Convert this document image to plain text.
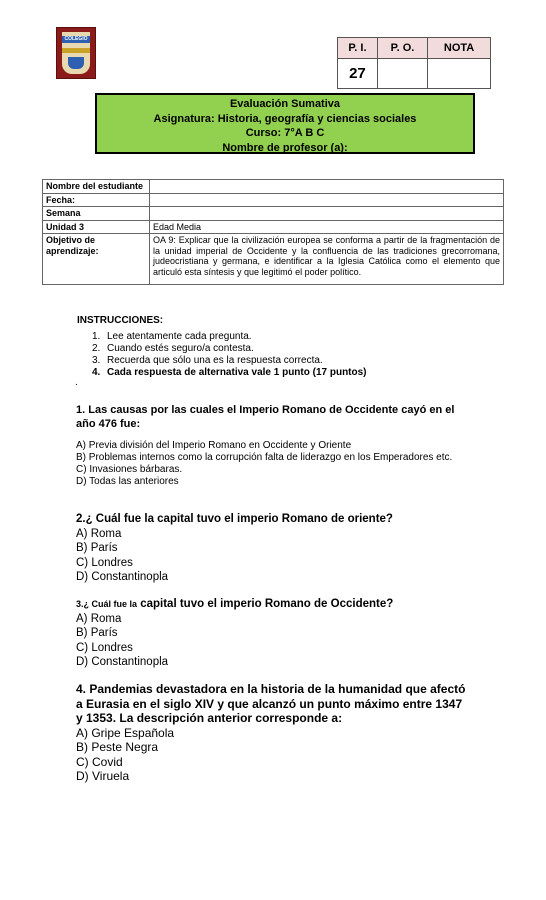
COLEGIO
P. I.	P. O.	NOTA
27		
Evaluación Sumativa
Asignatura: Historia, geografía y ciencias sociales
Curso: 7°A B C
Nombre de profesor (a):
Nombre del estudiante	
Fecha:	
Semana	
Unidad 3	Edad Media
Objetivo de aprendizaje:	OA 9: Explicar que la civilización europea se conforma a partir de la fragmentación de la unidad imperial de Occidente y la confluencia de las tradiciones grecorromana, judeocristiana y germana, e identificar a la Iglesia Católica como el elemento que articuló esta síntesis y que legitimó el poder político.
INSTRUCCIONES:
1. Lee atentamente cada pregunta.
2. Cuando estés seguro/a contesta.
3. Recuerda que sólo una es la respuesta correcta.
4. Cada respuesta de alternativa vale 1 punto (17 puntos)
.
1. Las causas por las cuales el Imperio Romano de Occidente cayó en el año 476 fue:
A) Previa división del Imperio Romano en Occidente y Oriente
B) Problemas internos como la corrupción falta de liderazgo en los Emperadores etc.
C) Invasiones bárbaras.
D) Todas las anteriores
2.¿ Cuál fue la capital tuvo el imperio Romano de oriente?
A) Roma
B) París
C) Londres
D) Constantinopla
3.¿ Cuál fue la capital tuvo el imperio Romano de Occidente?
A) Roma
B) París
C) Londres
D) Constantinopla
4. Pandemias devastadora en la historia de la humanidad que afectó a Eurasia en el siglo XIV y que alcanzó un punto máximo entre 1347 y 1353. La descripción anterior corresponde a:
A) Gripe Española
B) Peste Negra
C) Covid
D) Viruela
